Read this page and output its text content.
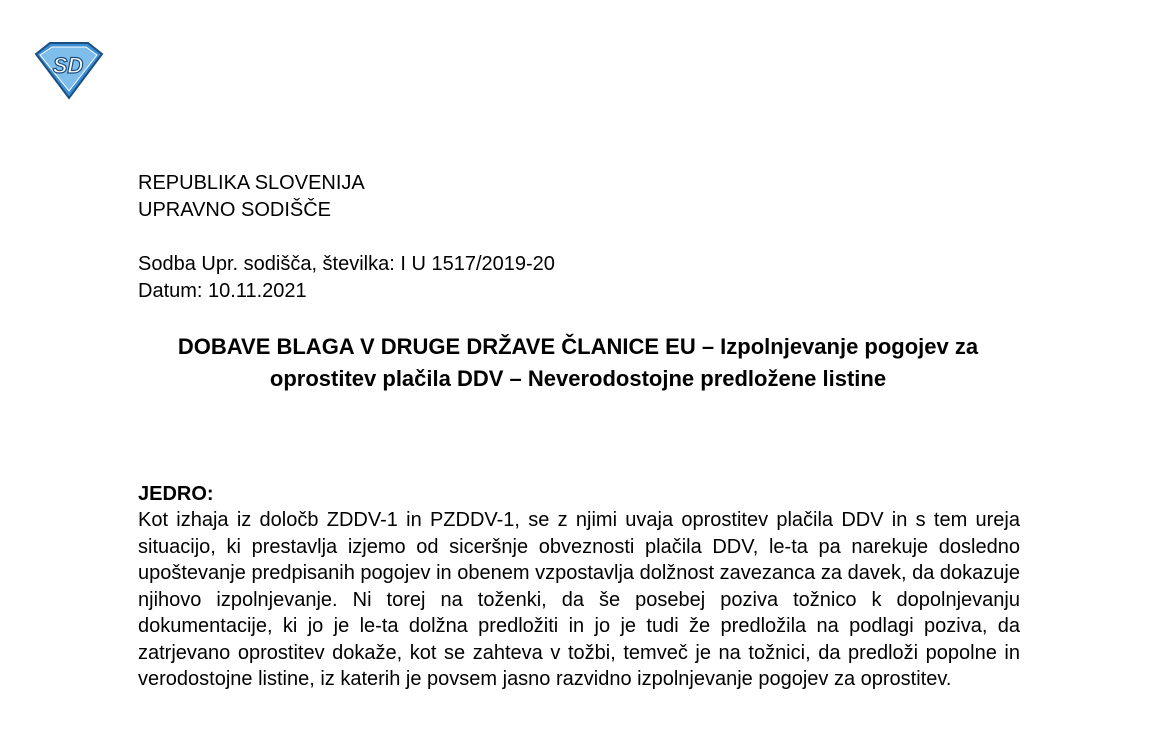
SD
REPUBLIKA SLOVENIJA
UPRAVNO SODIŠČE
Sodba Upr. sodišča, številka: I U 1517/2019-20
Datum: 10.11.2021
DOBAVE BLAGA V DRUGE DRŽAVE ČLANICE EU – Izpolnjevanje pogojev za oprostitev plačila DDV – Neverodostojne predložene listine
JEDRO:

Kot izhaja iz določb ZDDV-1 in PZDDV-1, se z njimi uvaja oprostitev plačila DDV in s tem ureja situacijo, ki prestavlja izjemo od siceršnje obveznosti plačila DDV, le-ta pa narekuje dosledno upoštevanje predpisanih pogojev in obenem vzpostavlja dolžnost zavezanca za davek, da dokazuje njihovo izpolnjevanje. Ni torej na toženki, da še posebej poziva tožnico k dopolnjevanju dokumentacije, ki jo je le-ta dolžna predložiti in jo je tudi že predložila na podlagi poziva, da zatrjevano oprostitev dokaže, kot se zahteva v tožbi, temveč je na tožnici, da predloži popolne in verodostojne listine, iz katerih je povsem jasno razvidno izpolnjevanje pogojev za oprostitev.
